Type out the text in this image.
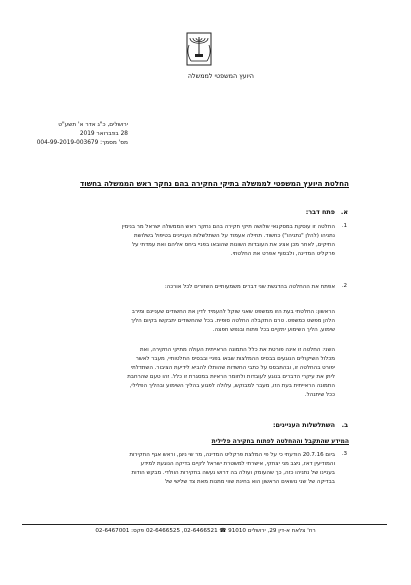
היועץ המשפטי לממשלה
ירושלים, כ"ג אדר א' תשע"ט
28 בפברואר 2019
מס' מסמך: 004-99-2019-003679
החלטת היועץ המשפטי לממשלה בתיקי החקירה בהם נחקר ראש הממשלה בחשוד
א.
פתח דבר:
1.

החלטה זו עוסקת במסקנאי שלושה תיקי חקירה בהם נחקר ראש הממשלה ישראל מר בנימין

נתניהו (להלן "נתניהו") כחשוד. תחילה אעמוד על השתלשלות העניינים בטיפול בשלושת

התיקים, לאחר מכן אציג את העובדות השונות שהובאו בפניי ביחס אליהם ואת עמדתי על

פרקליט המדינה, ולבסוף אפרט את החלטתי.

2.

אפתח את ההחלטה בהדגשת שני דברים משמעותיים השזורים לכל אורכה:

הראשון: החלטתי בעת הזו ממשפט שאני שוקל להעמיד לדין את החשודים שעניינם ומירב

הלהן מפשט כמשפט. טרם התקבלה החלטה סופית. בכל שהחשודים יתבקשו בקיום הליך

שימוע, הליך השימוע יתקיים בכל פתוח ובנפש חפצה.

השני: החלטה זו אינה פורטת את כלל התמונה הראייתית העולה מתיקי החקירה, ואת

מכלול השיקולים הנוגעים בבסיס ההמלצות שבאו בפניי ובבסיס החלטותיי, מעבר לאשר

יפורט בהחלטה זו, ובהתבסס על כתבי החשדות שהותלו להביא לידיעת הציבור. השתדלתי

ליתן את עיקרי הדברים בנוגע לעובדות ולחומר הראיות במסגרת זו כלל. זהו טעם שהרחבת

התמונה הראייתית בעת הזו, מעבר למבוקש, עלולה לפגוע בהליך השימוע ובהליך הפלילי,

ככל שיתנהל.

ב.
השתלשלות העניינים:
המידע שהתקבל וההחלטה לפתוח בחקירה פלילית
3.

ביום 20.7.16 הודעתי כי על פי המלצת פרקליט המדינה, מר שי ניצן, וראש אגף החקירות

והמודיעין דאז, ניצב מני יצחקי, אישרתי למשטרת ישראל לקיים בדיקה הנוגעת למידע

בעניינו של נתניהו כזה, כך שהעומק ועולה בה דרוש נעשה בחקירות הוולדי. מבקש הודות

בבדיקה של שני נושאים הראשון הוא בחינת שווי מתנות מאת צד שלישי של

רח' צלאח א-דין 29, ירושלים 91010 ☎ 02-6466521, 02-6466525 פקס: 02-6467001
